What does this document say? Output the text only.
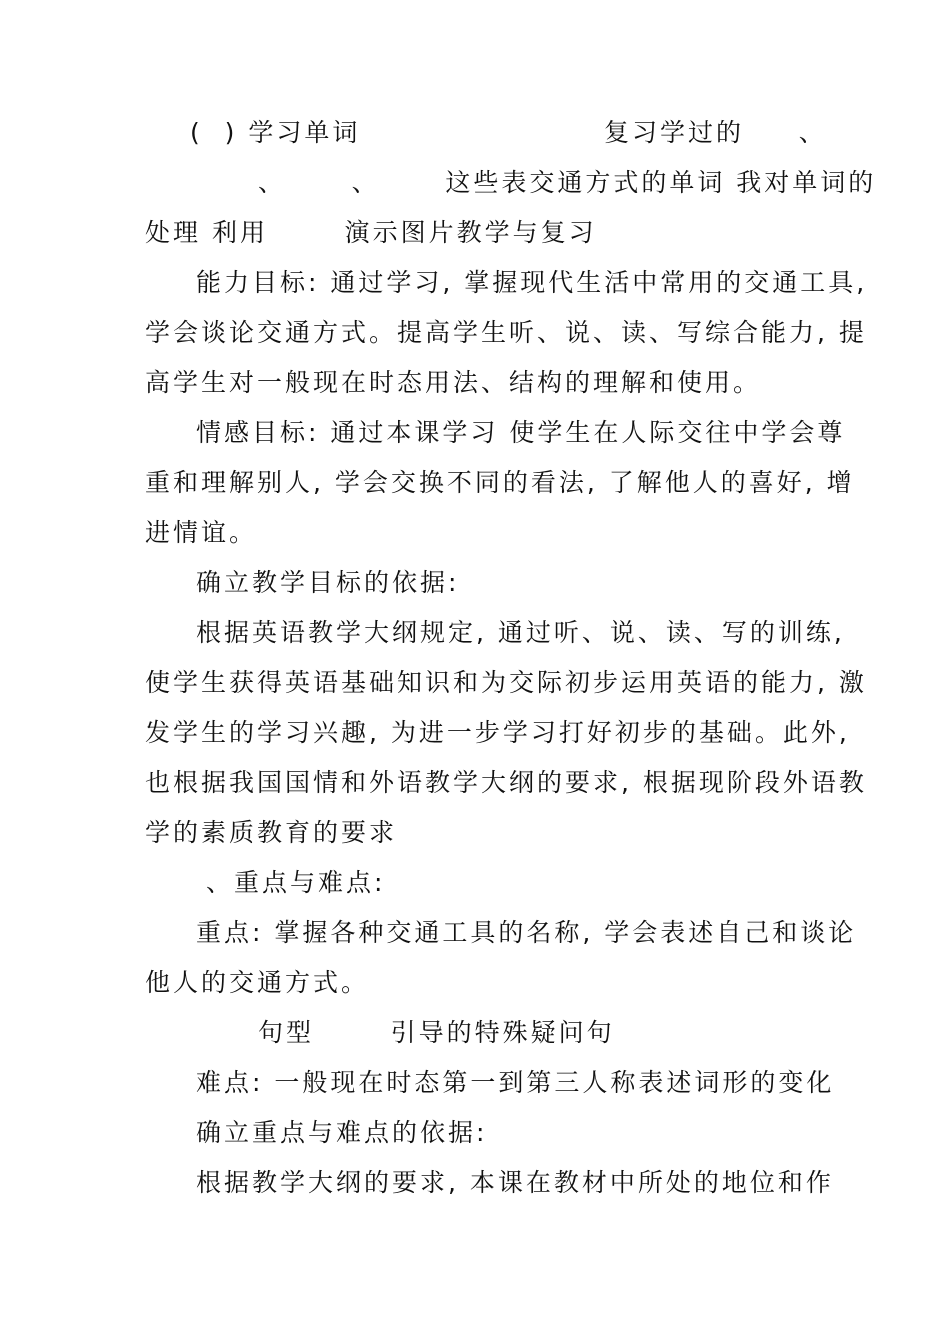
(  ) 学习单词	复习学过的     、
、      、      这些表交通方式的单词 我对单词的
处理 利用       演示图片教学与复习
能力目标: 通过学习, 掌握现代生活中常用的交通工具,
学会谈论交通方式。提高学生听、说、读、写综合能力, 提
高学生对一般现在时态用法、结构的理解和使用。
情感目标: 通过本课学习 使学生在人际交往中学会尊
重和理解别人, 学会交换不同的看法, 了解他人的喜好, 增
进情谊。
确立教学目标的依据:
根据英语教学大纲规定, 通过听、说、读、写的训练,
使学生获得英语基础知识和为交际初步运用英语的能力, 激
发学生的学习兴趣, 为进一步学习打好初步的基础。此外,
也根据我国国情和外语教学大纲的要求, 根据现阶段外语教
学的素质教育的要求
、重点与难点:
重点: 掌握各种交通工具的名称, 学会表述自己和谈论
他人的交通方式。
句型       引导的特殊疑问句
难点: 一般现在时态第一到第三人称表述词形的变化
确立重点与难点的依据:
根据教学大纲的要求, 本课在教材中所处的地位和作
